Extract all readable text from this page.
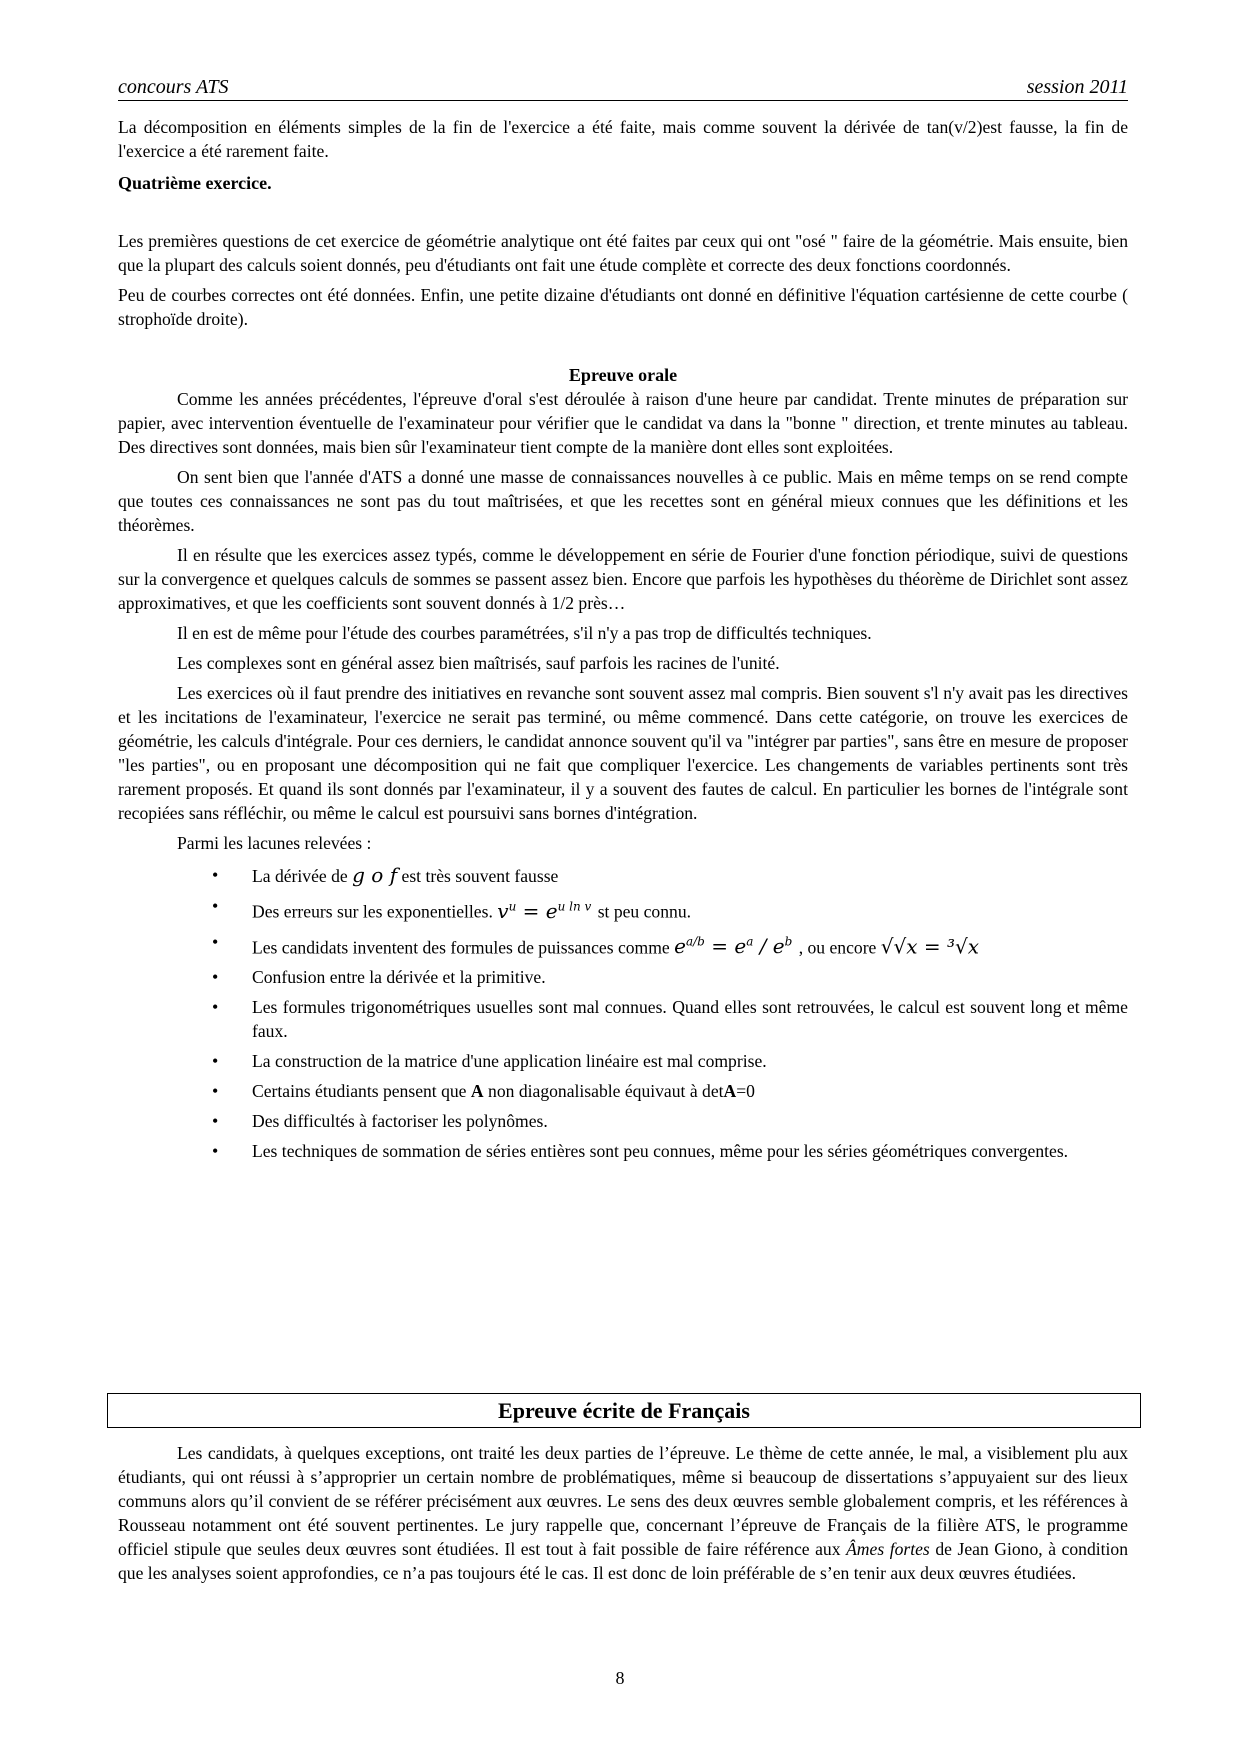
concours ATS	session 2011

La décomposition en éléments simples de la fin de l'exercice a été faite, mais comme souvent la dérivée de tan(v/2)est fausse, la fin de l'exercice a été rarement faite.

Quatrième exercice.

Les premières questions de cet exercice de géométrie analytique ont été faites par ceux qui ont "osé " faire de la géométrie. Mais ensuite, bien que la plupart des calculs soient donnés, peu d'étudiants ont fait une étude complète et correcte des deux fonctions coordonnés.

Peu de courbes correctes ont été données. Enfin, une petite dizaine d'étudiants ont donné en définitive l'équation cartésienne de cette courbe ( strophoïde droite).

Epreuve orale

Comme les années précédentes, l'épreuve d'oral s'est déroulée à raison d'une heure par candidat. Trente minutes de préparation sur papier, avec intervention éventuelle de l'examinateur pour vérifier que le candidat va dans la "bonne " direction, et trente minutes au tableau. Des directives sont données, mais bien sûr l'examinateur tient compte de la manière dont elles sont exploitées.

On sent bien que l'année d'ATS a donné une masse de connaissances nouvelles à ce public. Mais en même temps on se rend compte que toutes ces connaissances ne sont pas du tout maîtrisées, et que les recettes sont en général mieux connues que les définitions et les théorèmes.

Il en résulte que les exercices assez typés, comme le développement en série de Fourier d'une fonction périodique, suivi de questions sur la convergence et quelques calculs de sommes se passent assez bien. Encore que parfois les hypothèses du théorème de Dirichlet sont assez approximatives, et que les coefficients sont souvent donnés à 1/2 près…

Il en est de même pour l'étude des courbes paramétrées, s'il n'y a pas trop de difficultés techniques.

Les complexes sont en général assez bien maîtrisés, sauf parfois les racines de l'unité.

Les exercices où il faut prendre des initiatives en revanche sont souvent assez mal compris. Bien souvent s'l n'y avait pas les directives et les incitations de l'examinateur, l'exercice ne serait pas terminé, ou même commencé. Dans cette catégorie, on trouve les exercices de géométrie, les calculs d'intégrale. Pour ces derniers, le candidat annonce souvent qu'il va "intégrer par parties", sans être en mesure de proposer "les parties", ou en proposant une décomposition qui ne fait que compliquer l'exercice. Les changements de variables pertinents sont très rarement proposés. Et quand ils sont donnés par l'examinateur, il y a souvent des fautes de calcul. En particulier les bornes de l'intégrale sont recopiées sans réfléchir, ou même le calcul est poursuivi sans bornes d'intégration.

Parmi les lacunes relevées :

• La dérivée de g o f est très souvent fausse
• Des erreurs sur les exponentielles. $v^u = e^{u ln v}$ st peu connu.
• Les candidats inventent des formules de puissances comme $e^{a/b} = e^a / e^b$ , ou encore √√x = ³√x
• Confusion entre la dérivée et la primitive.
• Les formules trigonométriques usuelles sont mal connues. Quand elles sont retrouvées, le calcul est souvent long et même faux.
• La construction de la matrice d'une application linéaire est mal comprise.
• Certains étudiants pensent que A non diagonalisable équivaut à detA=0
• Des difficultés à factoriser les polynômes.
• Les techniques de sommation de séries entières sont peu connues, même pour les séries géométriques convergentes.
Epreuve écrite de Français

Les candidats, à quelques exceptions, ont traité les deux parties de l’épreuve. Le thème de cette année, le mal, a visiblement plu aux étudiants, qui ont réussi à s’approprier un certain nombre de problématiques, même si beaucoup de dissertations s’appuyaient sur des lieux communs alors qu’il convient de se référer précisément aux œuvres. Le sens des deux œuvres semble globalement compris, et les références à Rousseau notamment ont été souvent pertinentes. Le jury rappelle que, concernant l’épreuve de Français de la filière ATS, le programme officiel stipule que seules deux œuvres sont étudiées. Il est tout à fait possible de faire référence aux Âmes fortes de Jean Giono, à condition que les analyses soient approfondies, ce n’a pas toujours été le cas. Il est donc de loin préférable de s’en tenir aux deux œuvres étudiées.

8
